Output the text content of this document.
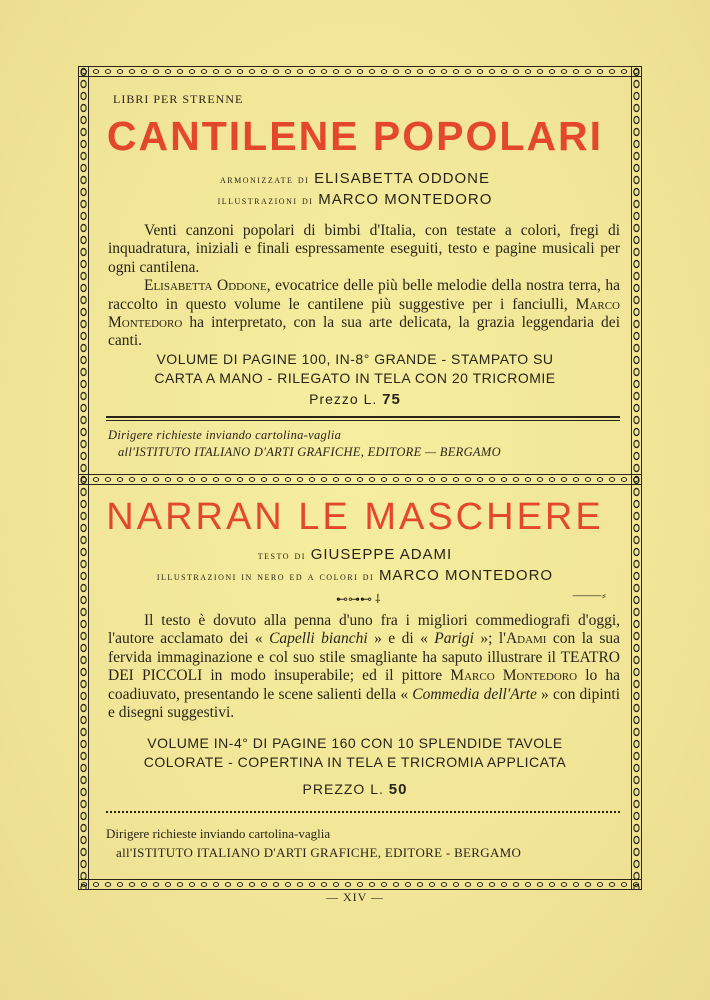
LIBRI PER STRENNE
CANTILENE POPOLARI
armonizzate di ELISABETTA ODDONE
illustrazioni di MARCO MONTEDORO

Venti canzoni popolari di bimbi d'Italia, con testate a colori, fregi di inquadratura, iniziali e finali espressamente eseguiti, testo e pagine musicali per ogni cantilena.

Elisabetta Oddone, evocatrice delle più belle melodie della nostra terra, ha raccolto in questo volume le cantilene più suggestive per i fanciulli, Marco Montedoro ha interpretato, con la sua arte delicata, la grazia leggendaria dei canti.

VOLUME DI PAGINE 100, IN-8° GRANDE - STAMPATO SU
CARTA A MANO - RILEGATO IN TELA CON 20 TRICROMIE
Prezzo L. 75
Dirigere richieste inviando cartolina-vaglia
all'ISTITUTO ITALIANO D'ARTI GRAFICHE, EDITORE — BERGAMO
NARRAN LE MASCHERE
testo di GIUSEPPE ADAMI
illustrazioni in nero ed a colori di MARCO MONTEDORO
⊷⊶⊷ ⸸	⸻⸗

Il testo è dovuto alla penna d'uno fra i migliori commediografi d'oggi, l'autore acclamato dei « Capelli bianchi » e di « Parigi »; l'Adami con la sua fervida immaginazione e col suo stile smagliante ha saputo illustrare il TEATRO DEI PICCOLI in modo insuperabile; ed il pittore Marco Montedoro lo ha coadiuvato, presentando le scene salienti della « Commedia dell'Arte » con dipinti e disegni suggestivi.

VOLUME IN-4° DI PAGINE 160 CON 10 SPLENDIDE TAVOLE
COLORATE - COPERTINA IN TELA E TRICROMIA APPLICATA
PREZZO L. 50
Dirigere richieste inviando cartolina-vaglia
all'ISTITUTO ITALIANO D'ARTI GRAFICHE, EDITORE - BERGAMO
— XIV —
